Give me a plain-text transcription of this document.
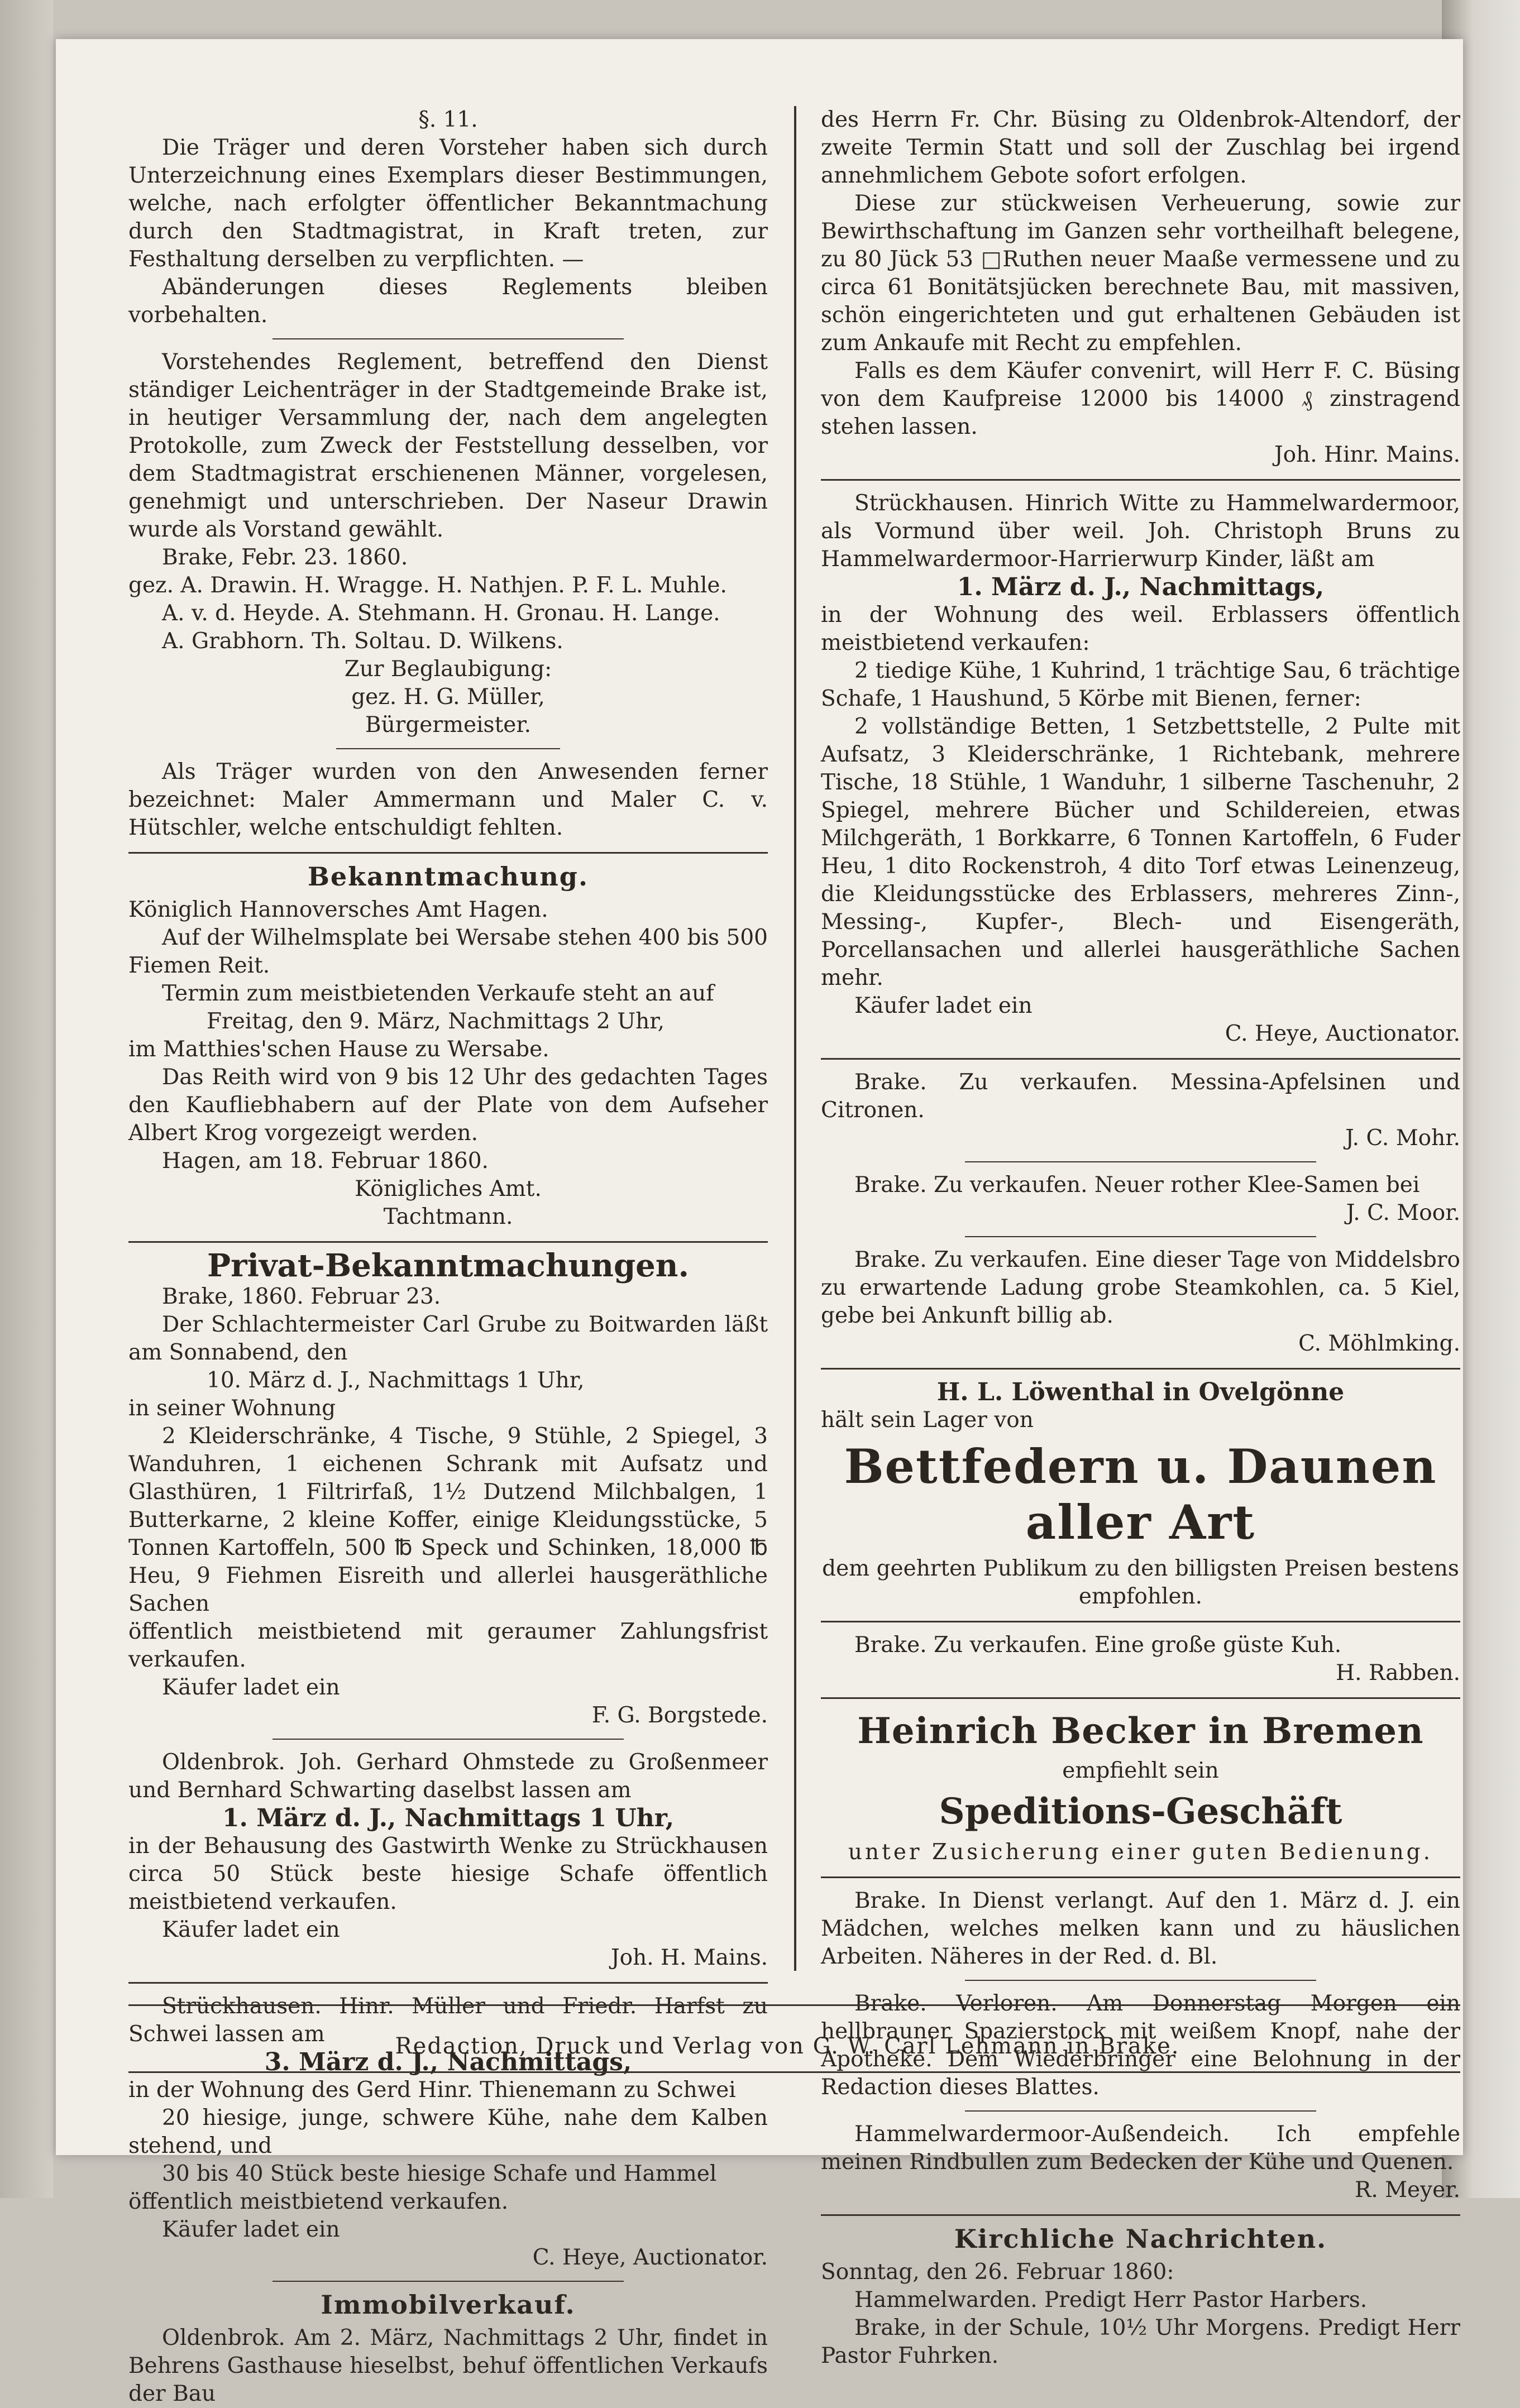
§. 11.

Die Träger und deren Vorsteher haben sich durch Unterzeichnung eines Exemplars dieser Bestimmungen, welche, nach erfolgter öffentlicher Bekanntmachung durch den Stadtmagistrat, in Kraft treten, zur Festhaltung derselben zu verpflichten. —

Abänderungen dieses Reglements bleiben vorbehalten.

Vorstehendes Reglement, betreffend den Dienst ständiger Leichenträger in der Stadtgemeinde Brake ist, in heutiger Versammlung der, nach dem angelegten Protokolle, zum Zweck der Feststellung desselben, vor dem Stadtmagistrat erschienenen Männer, vorgelesen, genehmigt und unterschrieben. Der Naseur Drawin wurde als Vorstand gewählt.

Brake, Febr. 23. 1860.

gez. A. Drawin. H. Wragge. H. Nathjen. P. F. L. Muhle.

A. v. d. Heyde. A. Stehmann. H. Gronau. H. Lange.

A. Grabhorn. Th. Soltau. D. Wilkens.

Zur Beglaubigung:

gez. H. G. Müller,

Bürgermeister.

Als Träger wurden von den Anwesenden ferner bezeichnet: Maler Ammermann und Maler C. v. Hütschler, welche entschuldigt fehlten.

Bekanntmachung.

Königlich Hannoversches Amt Hagen.

Auf der Wilhelmsplate bei Wersabe stehen 400 bis 500 Fiemen Reit.

Termin zum meistbietenden Verkaufe steht an auf

Freitag, den 9. März, Nachmittags 2 Uhr,

im Matthies'schen Hause zu Wersabe.

Das Reith wird von 9 bis 12 Uhr des gedachten Tages den Kaufliebhabern auf der Plate von dem Aufseher Albert Krog vorgezeigt werden.

Hagen, am 18. Februar 1860.

Königliches Amt.

Tachtmann.

Privat-Bekanntmachungen.

Brake, 1860. Februar 23.

Der Schlachtermeister Carl Grube zu Boitwarden läßt am Sonnabend, den

10. März d. J., Nachmittags 1 Uhr,

in seiner Wohnung

2 Kleiderschränke, 4 Tische, 9 Stühle, 2 Spiegel, 3 Wanduhren, 1 eichenen Schrank mit Aufsatz und Glasthüren, 1 Filtrirfaß, 1½ Dutzend Milchbalgen, 1 Butterkarne, 2 kleine Koffer, einige Kleidungsstücke, 5 Tonnen Kartoffeln, 500 ℔ Speck und Schinken, 18,000 ℔ Heu, 9 Fiehmen Eisreith und allerlei hausgeräthliche Sachen

öffentlich meistbietend mit geraumer Zahlungsfrist verkaufen.

Käufer ladet ein

F. G. Borgstede.

Oldenbrok. Joh. Gerhard Ohmstede zu Großenmeer und Bernhard Schwarting daselbst lassen am

1. März d. J., Nachmittags 1 Uhr,

in der Behausung des Gastwirth Wenke zu Strückhausen circa 50 Stück beste hiesige Schafe öffentlich meistbietend verkaufen.

Käufer ladet ein

Joh. H. Mains.

Strückhausen. Hinr. Müller und Friedr. Harfst zu Schwei lassen am

3. März d. J., Nachmittags,

in der Wohnung des Gerd Hinr. Thienemann zu Schwei

20 hiesige, junge, schwere Kühe, nahe dem Kalben stehend, und

30 bis 40 Stück beste hiesige Schafe und Hammel

öffentlich meistbietend verkaufen.

Käufer ladet ein

C. Heye, Auctionator.

Immobilverkauf.

Oldenbrok. Am 2. März, Nachmittags 2 Uhr, findet in Behrens Gasthause hieselbst, behuf öffentlichen Verkaufs der Bau

des Herrn Fr. Chr. Büsing zu Oldenbrok-Altendorf, der zweite Termin Statt und soll der Zuschlag bei irgend annehmlichem Gebote sofort erfolgen.

Diese zur stückweisen Verheuerung, sowie zur Bewirthschaftung im Ganzen sehr vortheilhaft belegene, zu 80 Jück 53 □Ruthen neuer Maaße vermessene und zu circa 61 Bonitätsjücken berechnete Bau, mit massiven, schön eingerichteten und gut erhaltenen Gebäuden ist zum Ankaufe mit Recht zu empfehlen.

Falls es dem Käufer convenirt, will Herr F. C. Büsing von dem Kaufpreise 12000 bis 14000 ₰ zinstragend stehen lassen.

Joh. Hinr. Mains.

Strückhausen. Hinrich Witte zu Hammelwardermoor, als Vormund über weil. Joh. Christoph Bruns zu Hammelwardermoor-Harrierwurp Kinder, läßt am

1. März d. J., Nachmittags,

in der Wohnung des weil. Erblassers öffentlich meistbietend verkaufen:

2 tiedige Kühe, 1 Kuhrind, 1 trächtige Sau, 6 trächtige Schafe, 1 Haushund, 5 Körbe mit Bienen, ferner:

2 vollständige Betten, 1 Setzbettstelle, 2 Pulte mit Aufsatz, 3 Kleiderschränke, 1 Richtebank, mehrere Tische, 18 Stühle, 1 Wanduhr, 1 silberne Taschenuhr, 2 Spiegel, mehrere Bücher und Schildereien, etwas Milchgeräth, 1 Borkkarre, 6 Tonnen Kartoffeln, 6 Fuder Heu, 1 dito Rockenstroh, 4 dito Torf etwas Leinenzeug, die Kleidungsstücke des Erblassers, mehreres Zinn-, Messing-, Kupfer-, Blech- und Eisengeräth, Porcellansachen und allerlei hausgeräthliche Sachen mehr.

Käufer ladet ein

C. Heye, Auctionator.

Brake. Zu verkaufen. Messina-Apfelsinen und Citronen.

J. C. Mohr.

Brake. Zu verkaufen. Neuer rother Klee-Samen bei

J. C. Moor.

Brake. Zu verkaufen. Eine dieser Tage von Middelsbro zu erwartende Ladung grobe Steamkohlen, ca. 5 Kiel, gebe bei Ankunft billig ab.

C. Möhlmking.

H. L. Löwenthal in Ovelgönne

hält sein Lager von

Bettfedern u. Daunen aller Art

dem geehrten Publikum zu den billigsten Preisen bestens empfohlen.

Brake. Zu verkaufen. Eine große güste Kuh.

H. Rabben.

Heinrich Becker in Bremen

empfiehlt sein

Speditions-Geschäft

unter Zusicherung einer guten Bedienung.

Brake. In Dienst verlangt. Auf den 1. März d. J. ein Mädchen, welches melken kann und zu häuslichen Arbeiten. Näheres in der Red. d. Bl.

Brake. Verloren. Am Donnerstag Morgen ein hellbrauner Spazierstock mit weißem Knopf, nahe der Apotheke. Dem Wiederbringer eine Belohnung in der Redaction dieses Blattes.

Hammelwardermoor-Außendeich. Ich empfehle meinen Rindbullen zum Bedecken der Kühe und Quenen.

R. Meyer.

Kirchliche Nachrichten.

Sonntag, den 26. Februar 1860:

Hammelwarden. Predigt Herr Pastor Harbers.

Brake, in der Schule, 10½ Uhr Morgens. Predigt Herr Pastor Fuhrken.

Redaction, Druck und Verlag von G. W. Carl Lehmann in Brake.
